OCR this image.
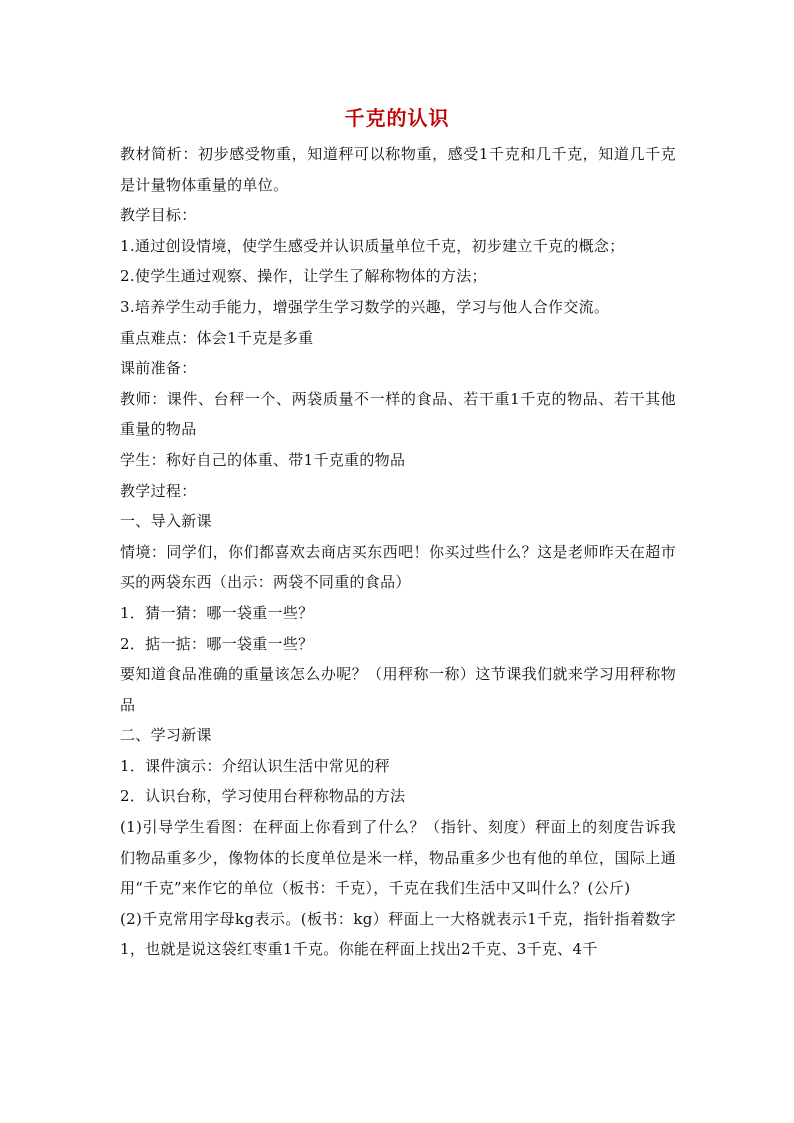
千克的认识

教材简析：初步感受物重，知道秤可以称物重，感受1千克和几千克，知道几千克是计量物体重量的单位。

教学目标：

1.通过创设情境，使学生感受并认识质量单位千克，初步建立千克的概念；

2.使学生通过观察、操作，让学生了解称物体的方法；

3.培养学生动手能力，增强学生学习数学的兴趣，学习与他人合作交流。

重点难点：体会1千克是多重

课前准备：

教师：课件、台秤一个、两袋质量不一样的食品、若干重1千克的物品、若干其他重量的物品

学生：称好自己的体重、带1千克重的物品

教学过程：

一、导入新课

情境：同学们，你们都喜欢去商店买东西吧！你买过些什么？这是老师昨天在超市买的两袋东西（出示：两袋不同重的食品）

1．猜一猜：哪一袋重一些？

2．掂一掂：哪一袋重一些？

要知道食品准确的重量该怎么办呢？（用秤称一称）这节课我们就来学习用秤称物品

二、学习新课

1．课件演示：介绍认识生活中常见的秤

2．认识台称，学习使用台秤称物品的方法

(1)引导学生看图：在秤面上你看到了什么？（指针、刻度）秤面上的刻度告诉我们物品重多少，像物体的长度单位是米一样，物品重多少也有他的单位，国际上通用“千克”来作它的单位（板书：千克），千克在我们生活中又叫什么？(公斤)

(2)千克常用字母kg表示。(板书：kg）秤面上一大格就表示1千克，指针指着数字1，也就是说这袋红枣重1千克。你能在秤面上找出2千克、3千克、4千
